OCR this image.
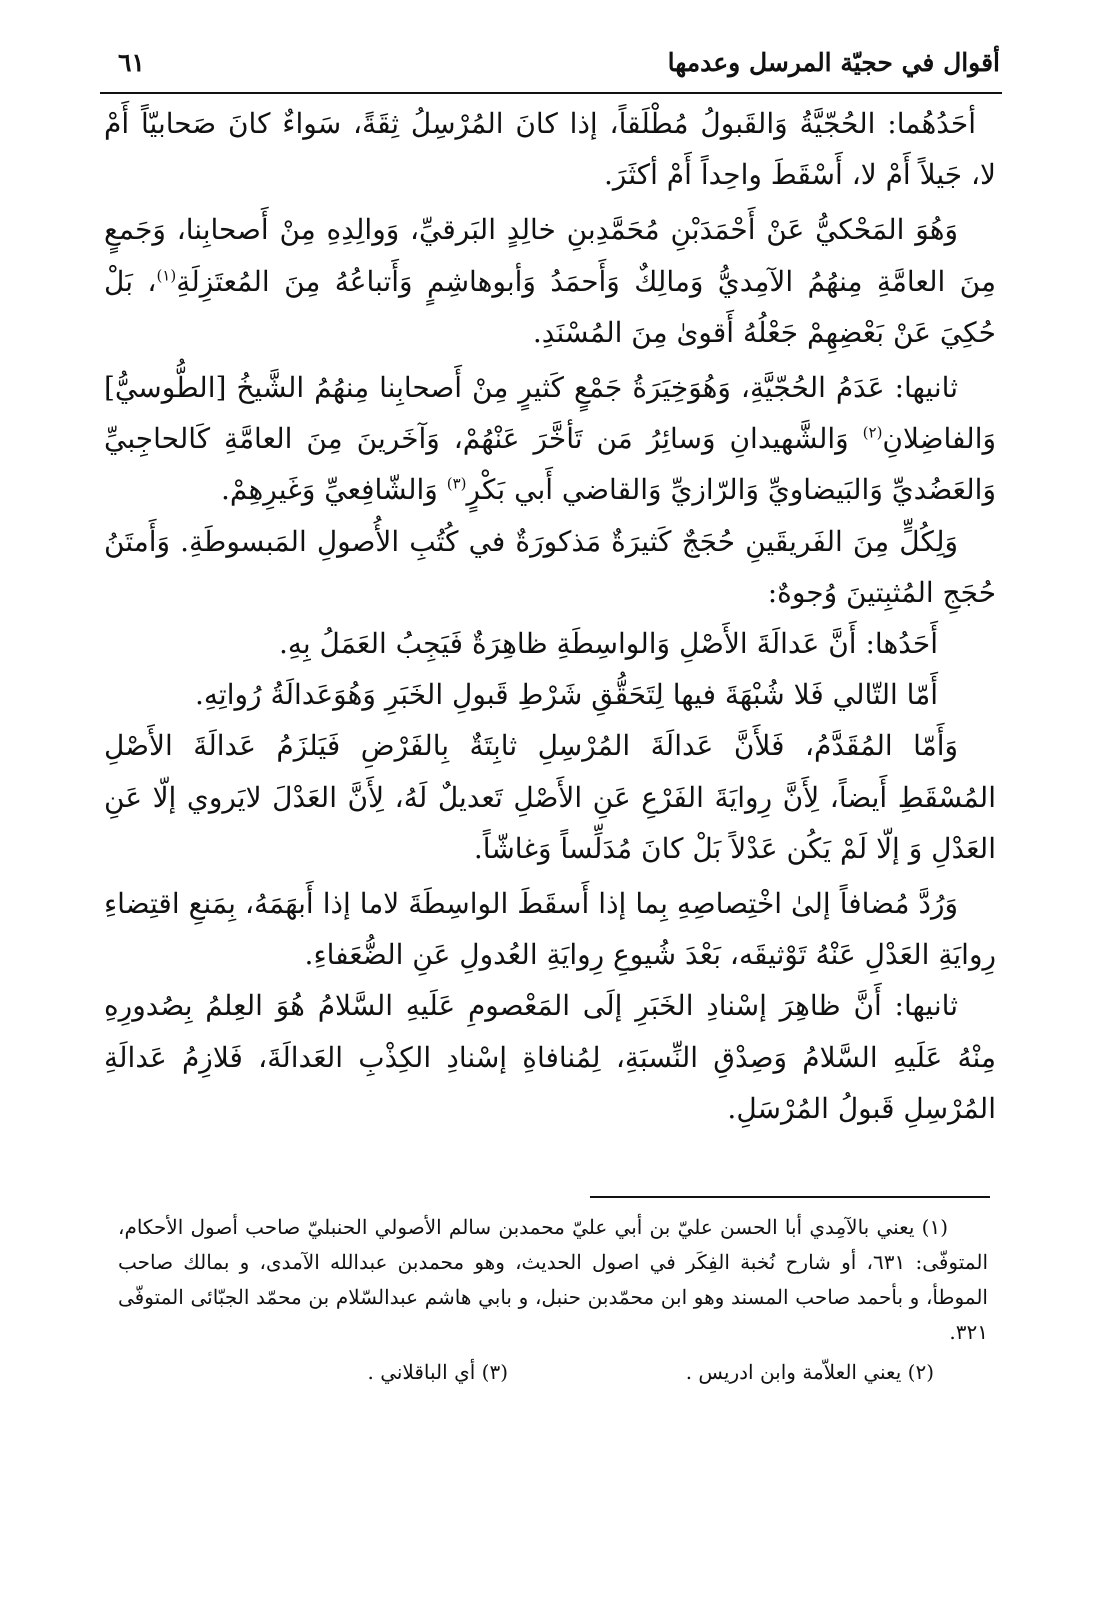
أقوال في حجيّة المرسل وعدمها
٦١

أحَدُهُما: الحُجّيَّةُ وَالقَبولُ مُطْلَقاً، إذا كانَ المُرْسِلُ ثِقَةً، سَواءٌ كانَ صَحابيّاً أَمْ لا، جَيلاً أَمْ لا، أَسْقَطَ واحِداً أَمْ أكثَرَ.

وَهُوَ المَحْكيُّ عَنْ أَحْمَدَبْنِ مُحَمَّدِبنِ خالِدٍ البَرقيِّ، وَوالِدِهِ مِنْ أَصحابِنا، وَجَمعٍ مِنَ العامَّةِ مِنهُمُ الآمِديُّ وَمالِكٌ وَأَحمَدُ وَأبوهاشِمٍ وَأَتباعُهُ مِنَ المُعتَزِلَةِ$^{(١)}$، بَلْ حُكِيَ عَنْ بَعْضِهِمْ جَعْلُهُ أَقوىٰ مِنَ المُسْنَدِ.

ثانيها: عَدَمُ الحُجّيَّةِ، وَهُوَخِيَرَةُ جَمْعٍ كَثيرٍ مِنْ أَصحابِنا مِنهُمُ الشَّيخُ [الطُّوسيُّ] وَالفاضِلانِ$^{(٢)}$ وَالشَّهيدانِ وَسائِرُ مَن تَأخَّرَ عَنْهُمْ، وَآخَرينَ مِنَ العامَّةِ كَالحاجِبيِّ وَالعَضُديِّ وَالبَيضاويِّ وَالرّازيِّ وَالقاضي أَبي بَكْرٍ$^{(٣)}$ وَالشّافِعيِّ وَغَيرِهِمْ.

وَلِكُلٍّ مِنَ الفَريقَينِ حُجَجٌ كَثيرَةٌ مَذكورَةٌ في كُتُبِ الأُصولِ المَبسوطَةِ. وَأَمتَنُ حُجَجِ المُثبِتينَ وُجوهٌ:

أَحَدُها: أَنَّ عَدالَةَ الأَصْلِ وَالواسِطَةِ ظاهِرَةٌ فَيَجِبُ العَمَلُ بِهِ.

أَمّا التّالي فَلا شُبْهَةَ فيها لِتَحَقُّقِ شَرْطِ قَبولِ الخَبَرِ وَهُوَعَدالَةُ رُواتِهِ.

وَأَمّا المُقَدَّمُ، فَلأَنَّ عَدالَةَ المُرْسِلِ ثابِتَةٌ بِالفَرْضِ فَيَلزَمُ عَدالَةَ الأَصْلِ المُسْقَطِ أَيضاً، لِأَنَّ رِوايَةَ الفَرْعِ عَنِ الأَصْلِ تَعديلٌ لَهُ، لِأَنَّ العَدْلَ لايَروي إلّا عَنِ العَدْلِ وَ إلّا لَمْ يَكُن عَدْلاً بَلْ كانَ مُدَلِّساً وَغاشّاً.

وَرُدَّ مُضافاً إلىٰ اخْتِصاصِهِ بِما إذا أَسقَطَ الواسِطَةَ لاما إذا أَبهَمَهُ، بِمَنعِ اقتِضاءِ رِوايَةِ العَدْلِ عَنْهُ تَوْثيقَه، بَعْدَ شُيوعِ رِوايَةِ العُدولِ عَنِ الضُّعَفاءِ.

ثانيها: أَنَّ ظاهِرَ إسْنادِ الخَبَرِ إلَى المَعْصومِ عَلَيهِ السَّلامُ هُوَ العِلمُ بِصُدورِهِ مِنْهُ عَلَيهِ السَّلامُ وَصِدْقِ النِّسبَةِ، لِمُنافاةِ إسْنادِ الكِذْبِ العَدالَةَ، فَلازِمُ عَدالَةِ المُرْسِلِ قَبولُ المُرْسَلِ.

(١) يعني بالآمِدي أبا الحسن عليّ بن أبي عليّ محمدبن سالم الأصولي الحنبليّ صاحب أصول الأحكام، المتوفّى: ٦٣١، أو شارح نُخبة الفِكَر في اصول الحديث، وهو محمدبن عبدالله الآمدى، و بمالك صاحب الموطأ، و بأحمد صاحب المسند وهو ابن محمّدبن حنبل، و بابي هاشم عبدالسّلام بن محمّد الجبّائى المتوفّى ٣٢١.

(٢) يعني العلاّمة وابن ادريس .
(٣) أي الباقلاني .
